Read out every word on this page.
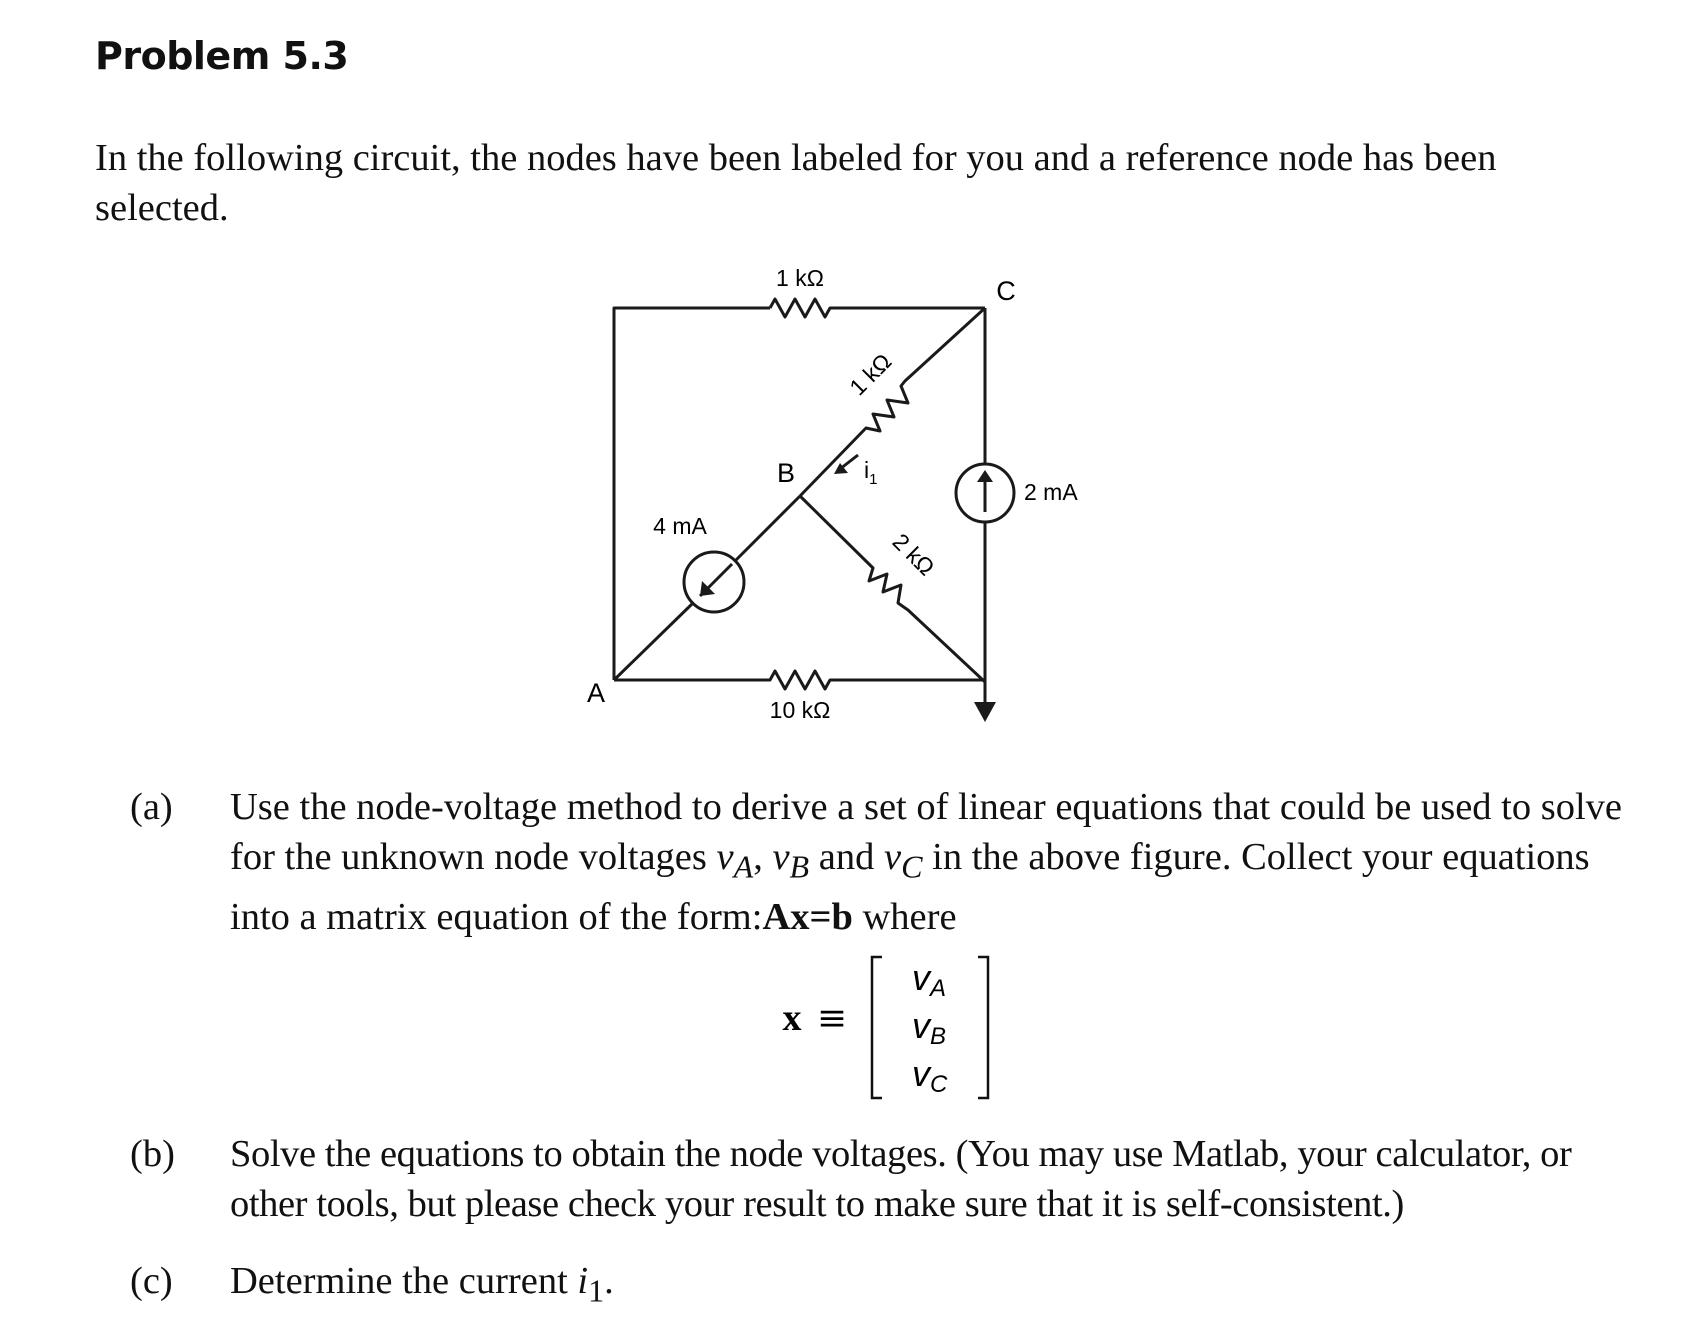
Problem 5.3
In the following circuit, the nodes have been labeled for you and a reference node has been selected.
1 kΩ	C
1 kΩ
B	$i_1$	2 mA
4 mA
2 kΩ
A
10 kΩ
(a)	Use the node-voltage method to derive a set of linear equations that could be used to solve for the unknown node voltages $v_A$, $v_B$ and $v_C$ in the above figure. Collect your equations into a matrix equation of the form:Ax=b where
x ≡
vA
vB
vC
(b)	Solve the equations to obtain the node voltages. (You may use Matlab, your calculator, or other tools, but please check your result to make sure that it is self-consistent.)
(c)	Determine the current $i_1$.
